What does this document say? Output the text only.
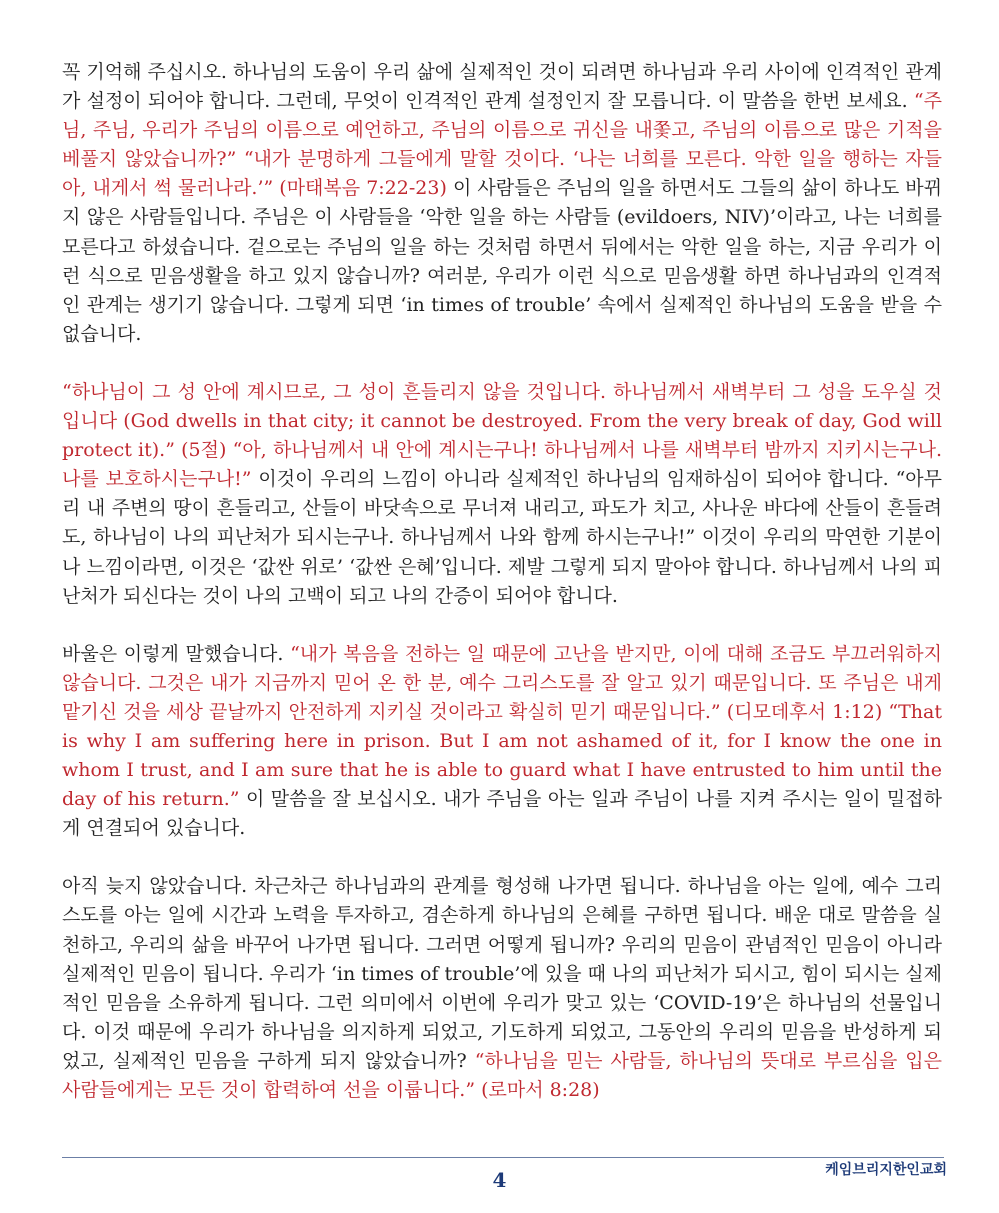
꼭 기억해 주십시오. 하나님의 도움이 우리 삶에 실제적인 것이 되려면 하나님과 우리 사이에 인격적인 관계가 설정이 되어야 합니다. 그런데, 무엇이 인격적인 관계 설정인지 잘 모릅니다. 이 말씀을 한번 보세요. “주님, 주님, 우리가 주님의 이름으로 예언하고, 주님의 이름으로 귀신을 내쫓고, 주님의 이름으로 많은 기적을 베풀지 않았습니까?” “내가 분명하게 그들에게 말할 것이다. ‘나는 너희를 모른다. 악한 일을 행하는 자들아, 내게서 썩 물러나라.’” (마태복음 7:22-23) 이 사람들은 주님의 일을 하면서도 그들의 삶이 하나도 바뀌지 않은 사람들입니다. 주님은 이 사람들을 ‘악한 일을 하는 사람들 (evildoers, NIV)’이라고, 나는 너희를 모른다고 하셨습니다. 겉으로는 주님의 일을 하는 것처럼 하면서 뒤에서는 악한 일을 하는, 지금 우리가 이런 식으로 믿음생활을 하고 있지 않습니까? 여러분, 우리가 이런 식으로 믿음생활 하면 하나님과의 인격적인 관계는 생기기 않습니다. 그렇게 되면 ‘in times of trouble’ 속에서 실제적인 하나님의 도움을 받을 수 없습니다.

“하나님이 그 성 안에 계시므로, 그 성이 흔들리지 않을 것입니다. 하나님께서 새벽부터 그 성을 도우실 것입니다 (God dwells in that city; it cannot be destroyed. From the very break of day, God will protect it).” (5절) “아, 하나님께서 내 안에 계시는구나! 하나님께서 나를 새벽부터 밤까지 지키시는구나. 나를 보호하시는구나!” 이것이 우리의 느낌이 아니라 실제적인 하나님의 임재하심이 되어야 합니다. “아무리 내 주변의 땅이 흔들리고, 산들이 바닷속으로 무너져 내리고, 파도가 치고, 사나운 바다에 산들이 흔들려도, 하나님이 나의 피난처가 되시는구나. 하나님께서 나와 함께 하시는구나!” 이것이 우리의 막연한 기분이나 느낌이라면, 이것은 ‘값싼 위로’ ‘값싼 은혜’입니다. 제발 그렇게 되지 말아야 합니다. 하나님께서 나의 피난처가 되신다는 것이 나의 고백이 되고 나의 간증이 되어야 합니다.

바울은 이렇게 말했습니다. “내가 복음을 전하는 일 때문에 고난을 받지만, 이에 대해 조금도 부끄러워하지 않습니다. 그것은 내가 지금까지 믿어 온 한 분, 예수 그리스도를 잘 알고 있기 때문입니다. 또 주님은 내게 맡기신 것을 세상 끝날까지 안전하게 지키실 것이라고 확실히 믿기 때문입니다.” (디모데후서 1:12) “That is why I am suffering here in prison. But I am not ashamed of it, for I know the one in whom I trust, and I am sure that he is able to guard what I have entrusted to him until the day of his return.” 이 말씀을 잘 보십시오. 내가 주님을 아는 일과 주님이 나를 지켜 주시는 일이 밀접하게 연결되어 있습니다.

아직 늦지 않았습니다. 차근차근 하나님과의 관계를 형성해 나가면 됩니다. 하나님을 아는 일에, 예수 그리스도를 아는 일에 시간과 노력을 투자하고, 겸손하게 하나님의 은혜를 구하면 됩니다. 배운 대로 말씀을 실천하고, 우리의 삶을 바꾸어 나가면 됩니다. 그러면 어떻게 됩니까? 우리의 믿음이 관념적인 믿음이 아니라 실제적인 믿음이 됩니다. 우리가 ‘in times of trouble’에 있을 때 나의 피난처가 되시고, 힘이 되시는 실제적인 믿음을 소유하게 됩니다. 그런 의미에서 이번에 우리가 맞고 있는 ‘COVID-19’은 하나님의 선물입니다. 이것 때문에 우리가 하나님을 의지하게 되었고, 기도하게 되었고, 그동안의 우리의 믿음을 반성하게 되었고, 실제적인 믿음을 구하게 되지 않았습니까? “하나님을 믿는 사람들, 하나님의 뜻대로 부르심을 입은 사람들에게는 모든 것이 합력하여 선을 이룹니다.” (로마서 8:28)

4	케임브리지한인교회
